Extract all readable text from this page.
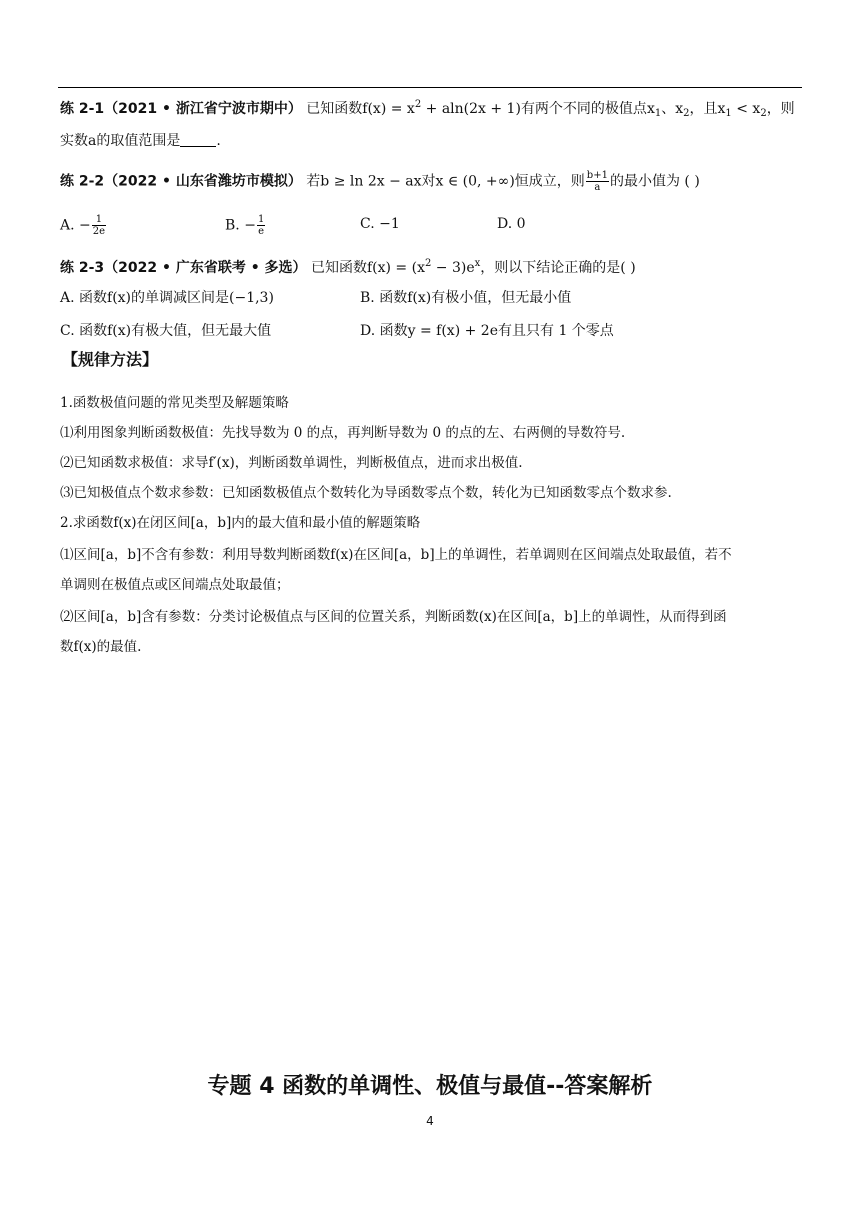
练 2-1（2021 • 浙江省宁波市期中） 已知函数$f(x) = x^2 + aln(2x + 1)$有两个不同的极值点$x_1$、$x_2$，且$x_1 < x_2$，则
实数a的取值范围是	.
练 2-2（2022 • 山东省潍坊市模拟） 若b ≥ ln 2x − ax对x ∈ (0, +∞)恒成立，则 $\frac{b+1}{a}$ 的最小值为 ( )
A. − $\frac{1}{2e}$	B. − $\frac{1}{e}$	C. −1	D. 0
练 2-3（2022 • 广东省联考 • 多选） 已知函数$f(x) = (x^2 - 3)e^x$，则以下结论正确的是( )
A. 函数f(x)的单调减区间是(−1,3)	B. 函数f(x)有极小值，但无最小值
C. 函数f(x)有极大值，但无最大值	D. 函数y = f(x) + 2e有且只有 1 个零点
【规律方法】
1.函数极值问题的常见类型及解题策略
⑴利用图象判断函数极值：先找导数为 0 的点，再判断导数为 0 的点的左、右两侧的导数符号.
⑵已知函数求极值：求导f′(x)，判断函数单调性，判断极值点，进而求出极值.
⑶已知极值点个数求参数：已知函数极值点个数转化为导函数零点个数，转化为已知函数零点个数求参.
2.求函数f(x)在闭区间[a，b]内的最大值和最小值的解题策略
⑴区间[a，b]不含有参数：利用导数判断函数f(x)在区间[a，b]上的单调性，若单调则在区间端点处取最值，若不
单调则在极值点或区间端点处取最值；
⑵区间[a，b]含有参数：分类讨论极值点与区间的位置关系，判断函数(x)在区间[a，b]上的单调性，从而得到函
数f(x)的最值.
专题 4 函数的单调性、极值与最值--答案解析
4
